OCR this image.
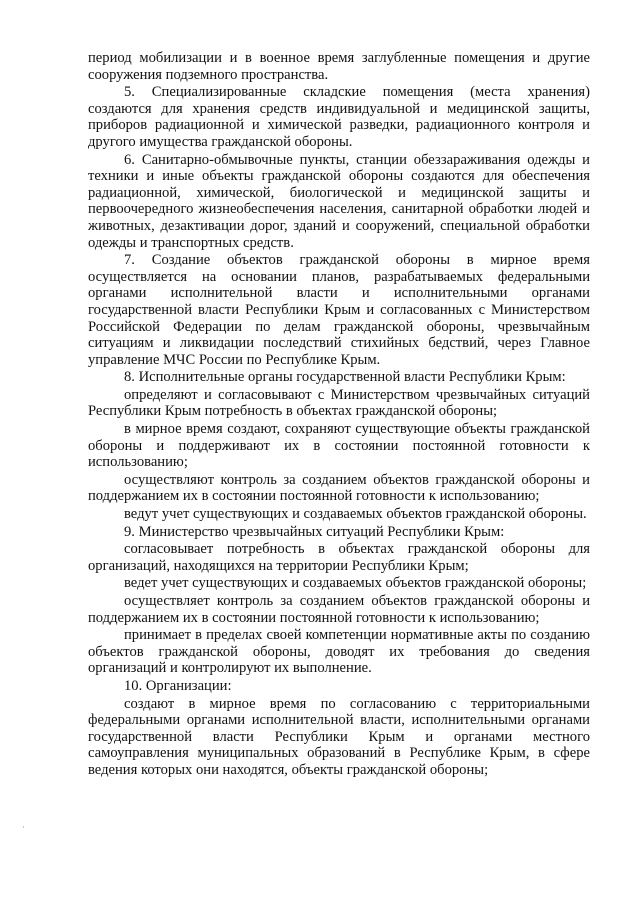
период мобилизации и в военное время заглубленные помещения и другие сооружения подземного пространства.

5. Специализированные складские помещения (места хранения) создаются для хранения средств индивидуальной и медицинской защиты, приборов радиационной и химической разведки, радиационного контроля и другого имущества гражданской обороны.

6. Санитарно-обмывочные пункты, станции обеззараживания одежды и техники и иные объекты гражданской обороны создаются для обеспечения радиационной, химической, биологической и медицинской защиты и первоочередного жизнеобеспечения населения, санитарной обработки людей и животных, дезактивации дорог, зданий и сооружений, специальной обработки одежды и транспортных средств.

7. Создание объектов гражданской обороны в мирное время осуществляется на основании планов, разрабатываемых федеральными органами исполнительной власти и исполнительными органами государственной власти Республики Крым и согласованных с Министерством Российской Федерации по делам гражданской обороны, чрезвычайным ситуациям и ликвидации последствий стихийных бедствий, через Главное управление МЧС России по Республике Крым.

8. Исполнительные органы государственной власти Республики Крым:

определяют и согласовывают с Министерством чрезвычайных ситуаций Республики Крым потребность в объектах гражданской обороны;

в мирное время создают, сохраняют существующие объекты гражданской обороны и поддерживают их в состоянии постоянной готовности к использованию;

осуществляют контроль за созданием объектов гражданской обороны и поддержанием их в состоянии постоянной готовности к использованию;

ведут учет существующих и создаваемых объектов гражданской обороны.

9. Министерство чрезвычайных ситуаций Республики Крым:

согласовывает потребность в объектах гражданской обороны для организаций, находящихся на территории Республики Крым;

ведет учет существующих и создаваемых объектов гражданской обороны;

осуществляет контроль за созданием объектов гражданской обороны и поддержанием их в состоянии постоянной готовности к использованию;

принимает в пределах своей компетенции нормативные акты по созданию объектов гражданской обороны, доводят их требования до сведения организаций и контролируют их выполнение.

10. Организации:

создают в мирное время по согласованию с территориальными федеральными органами исполнительной власти, исполнительными органами государственной власти Республики Крым и органами местного самоуправления муниципальных образований в Республике Крым, в сфере ведения которых они находятся, объекты гражданской обороны;

·
